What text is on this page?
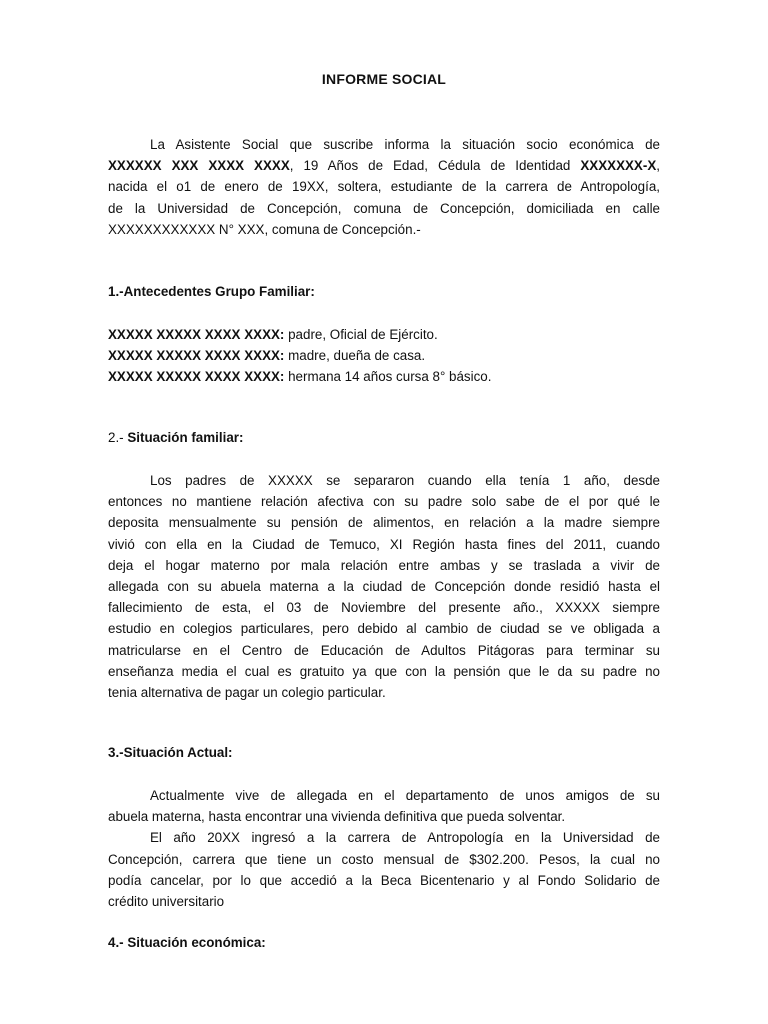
INFORME SOCIAL
La Asistente Social que suscribe informa la situación socio económica de
XXXXXX XXX XXXX XXXX, 19 Años de Edad, Cédula de Identidad XXXXXXX-X,
nacida el o1 de enero de 19XX, soltera, estudiante de la carrera de Antropología,
de la Universidad de Concepción, comuna de Concepción, domiciliada en calle
XXXXXXXXXXXX N° XXX, comuna de Concepción.-
1.-Antecedentes Grupo Familiar:
XXXXX XXXXX XXXX XXXX: padre, Oficial de Ejército.
XXXXX XXXXX XXXX XXXX: madre, dueña de casa.
XXXXX XXXXX XXXX XXXX: hermana 14 años cursa 8° básico.
2.- Situación familiar:
Los padres de XXXXX se separaron cuando ella tenía 1 año, desde
entonces no mantiene relación afectiva con su padre solo sabe de el por qué le
deposita mensualmente su pensión de alimentos, en relación a la madre siempre
vivió con ella en la Ciudad de Temuco, XI Región hasta fines del 2011, cuando
deja el hogar materno por mala relación entre ambas y se traslada a vivir de
allegada con su abuela materna a la ciudad de Concepción donde residió hasta el
fallecimiento de esta, el 03 de Noviembre del presente año., XXXXX siempre
estudio en colegios particulares, pero debido al cambio de ciudad se ve obligada a
matricularse en el Centro de Educación de Adultos Pitágoras para terminar su
enseñanza media el cual es gratuito ya que con la pensión que le da su padre no
tenia alternativa de pagar un colegio particular.
3.-Situación Actual:
Actualmente vive de allegada en el departamento de unos amigos de su
abuela materna, hasta encontrar una vivienda definitiva que pueda solventar.
El año 20XX ingresó a la carrera de Antropología en la Universidad de
Concepción, carrera que tiene un costo mensual de $302.200. Pesos, la cual no
podía cancelar, por lo que accedió a la Beca Bicentenario y al Fondo Solidario de
crédito universitario
4.- Situación económica:
